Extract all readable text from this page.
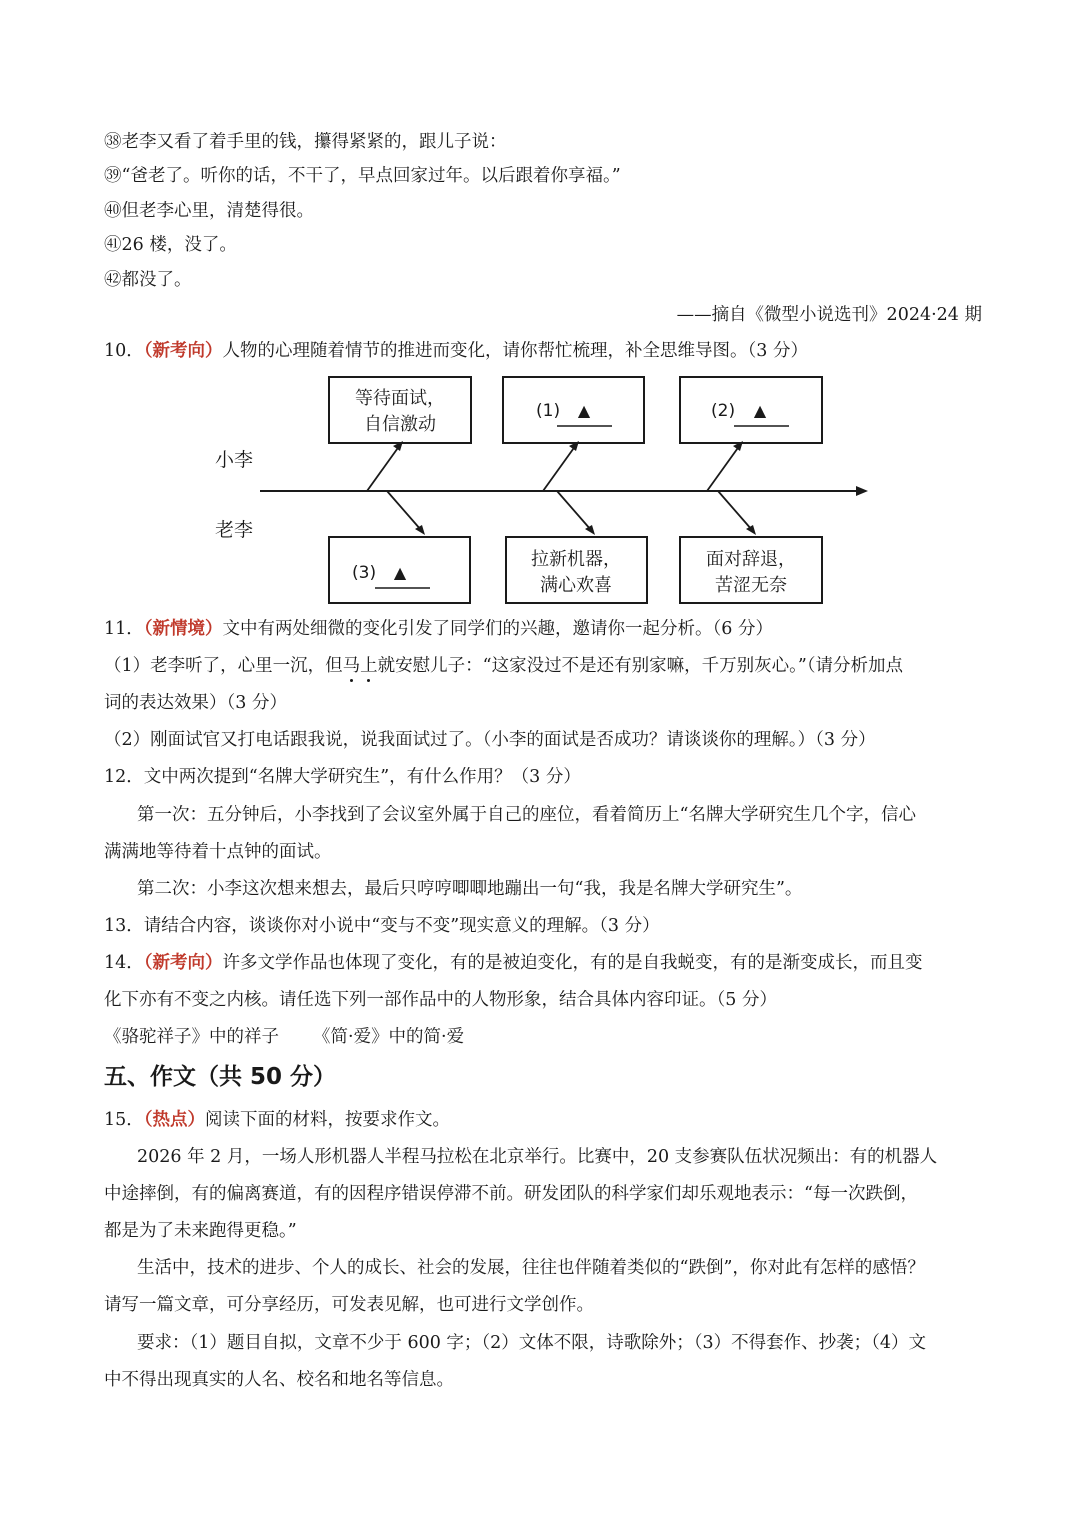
㊳老李又看了着手里的钱，攥得紧紧的，跟儿子说：
㊴“爸老了。听你的话，不干了，早点回家过年。以后跟着你享福。”
㊵但老李心里，清楚得很。
㊶26 楼，没了。
㊷都没了。
——摘自《微型小说选刊》2024·24 期
10．（新考向）人物的心理随着情节的推进而变化，请你帮忙梳理，补全思维导图。（3 分）
小李
老李
等待面试，
自信激动
(1) ▲	(2) ▲
(3) ▲
拉新机器，
满心欢喜
面对辞退，
苦涩无奈
11．（新情境）文中有两处细微的变化引发了同学们的兴趣，邀请你一起分析。（6 分）
（1）老李听了，心里一沉，但马上就安慰儿子：“这家没过不是还有别家嘛，千万别灰心。”（请分析加点
词的表达效果）（3 分）
（2）刚面试官又打电话跟我说，说我面试过了。（小李的面试是否成功？请谈谈你的理解。）（3 分）
12．文中两次提到“名牌大学研究生”，有什么作用？（3 分）
第一次：五分钟后，小李找到了会议室外属于自己的座位，看着简历上“名牌大学研究生几个字，信心
满满地等待着十点钟的面试。
第二次：小李这次想来想去，最后只哼哼唧唧地蹦出一句“我，我是名牌大学研究生”。
13．请结合内容，谈谈你对小说中“变与不变”现实意义的理解。（3 分）
14．（新考向）许多文学作品也体现了变化，有的是被迫变化，有的是自我蜕变，有的是渐变成长，而且变
化下亦有不变之内核。请任选下列一部作品中的人物形象，结合具体内容印证。（5 分）
《骆驼祥子》中的祥子 《简·爱》中的简·爱
五、作文（共 50 分）
15．（热点）阅读下面的材料，按要求作文。
2026 年 2 月，一场人形机器人半程马拉松在北京举行。比赛中，20 支参赛队伍状况频出：有的机器人
中途摔倒，有的偏离赛道，有的因程序错误停滞不前。研发团队的科学家们却乐观地表示：“每一次跌倒，
都是为了未来跑得更稳。”
生活中，技术的进步、个人的成长、社会的发展，往往也伴随着类似的“跌倒”，你对此有怎样的感悟？
请写一篇文章，可分享经历，可发表见解，也可进行文学创作。
要求：（1）题目自拟，文章不少于 600 字；（2）文体不限，诗歌除外；（3）不得套作、抄袭；（4）文
中不得出现真实的人名、校名和地名等信息。
